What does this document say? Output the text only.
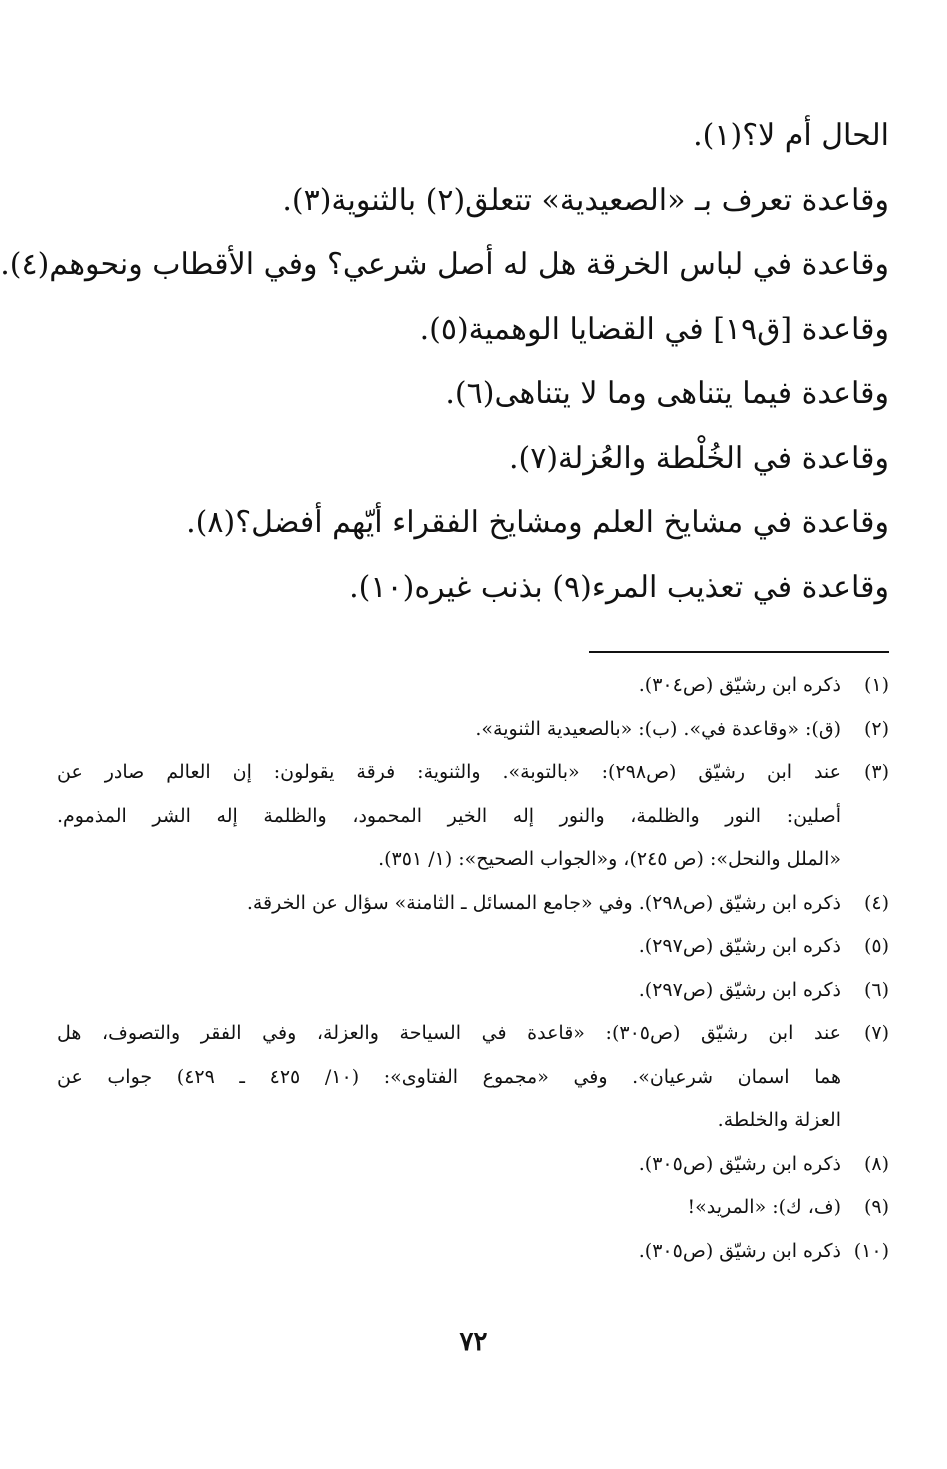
الحال أم لا؟(١).
وقاعدة تعرف بـ «الصعيدية» تتعلق(٢) بالثنوية(٣).
وقاعدة في لباس الخرقة هل له أصل شرعي؟ وفي الأقطاب ونحوهم(٤).
وقاعدة [ق١٩] في القضايا الوهمية(٥).
وقاعدة فيما يتناهى وما لا يتناهى(٦).
وقاعدة في الخُلْطة والعُزلة(٧).
وقاعدة في مشايخ العلم ومشايخ الفقراء أيّهم أفضل؟(٨).
وقاعدة في تعذيب المرء(٩) بذنب غيره(١٠).
(١)
ذكره ابن رشيّق (ص٣٠٤).
(٢)
(ق): «وقاعدة في». (ب): «بالصعيدية الثنوية».
(٣)
عند ابن رشيّق (ص٢٩٨): «بالتوبة». والثنوية: فرقة يقولون: إن العالم صادر عن
أصلين: النور والظلمة، والنور إله الخير المحمود، والظلمة إله الشر المذموم.
«الملل والنحل»: (ص ٢٤٥)، و«الجواب الصحيح»: (١/ ٣٥١).
(٤)
ذكره ابن رشيّق (ص٢٩٨). وفي «جامع المسائل ـ الثامنة» سؤال عن الخرقة.
(٥)
ذكره ابن رشيّق (ص٢٩٧).
(٦)
ذكره ابن رشيّق (ص٢٩٧).
(٧)
عند ابن رشيّق (ص٣٠٥): «قاعدة في السياحة والعزلة، وفي الفقر والتصوف، هل
هما اسمان شرعيان». وفي «مجموع الفتاوى»: (١٠/ ٤٢٥ ـ ٤٢٩) جواب عن
العزلة والخلطة.
(٨)
ذكره ابن رشيّق (ص٣٠٥).
(٩)
(ف، ك): «المريد»!
(١٠)
ذكره ابن رشيّق (ص٣٠٥).
٧٢
